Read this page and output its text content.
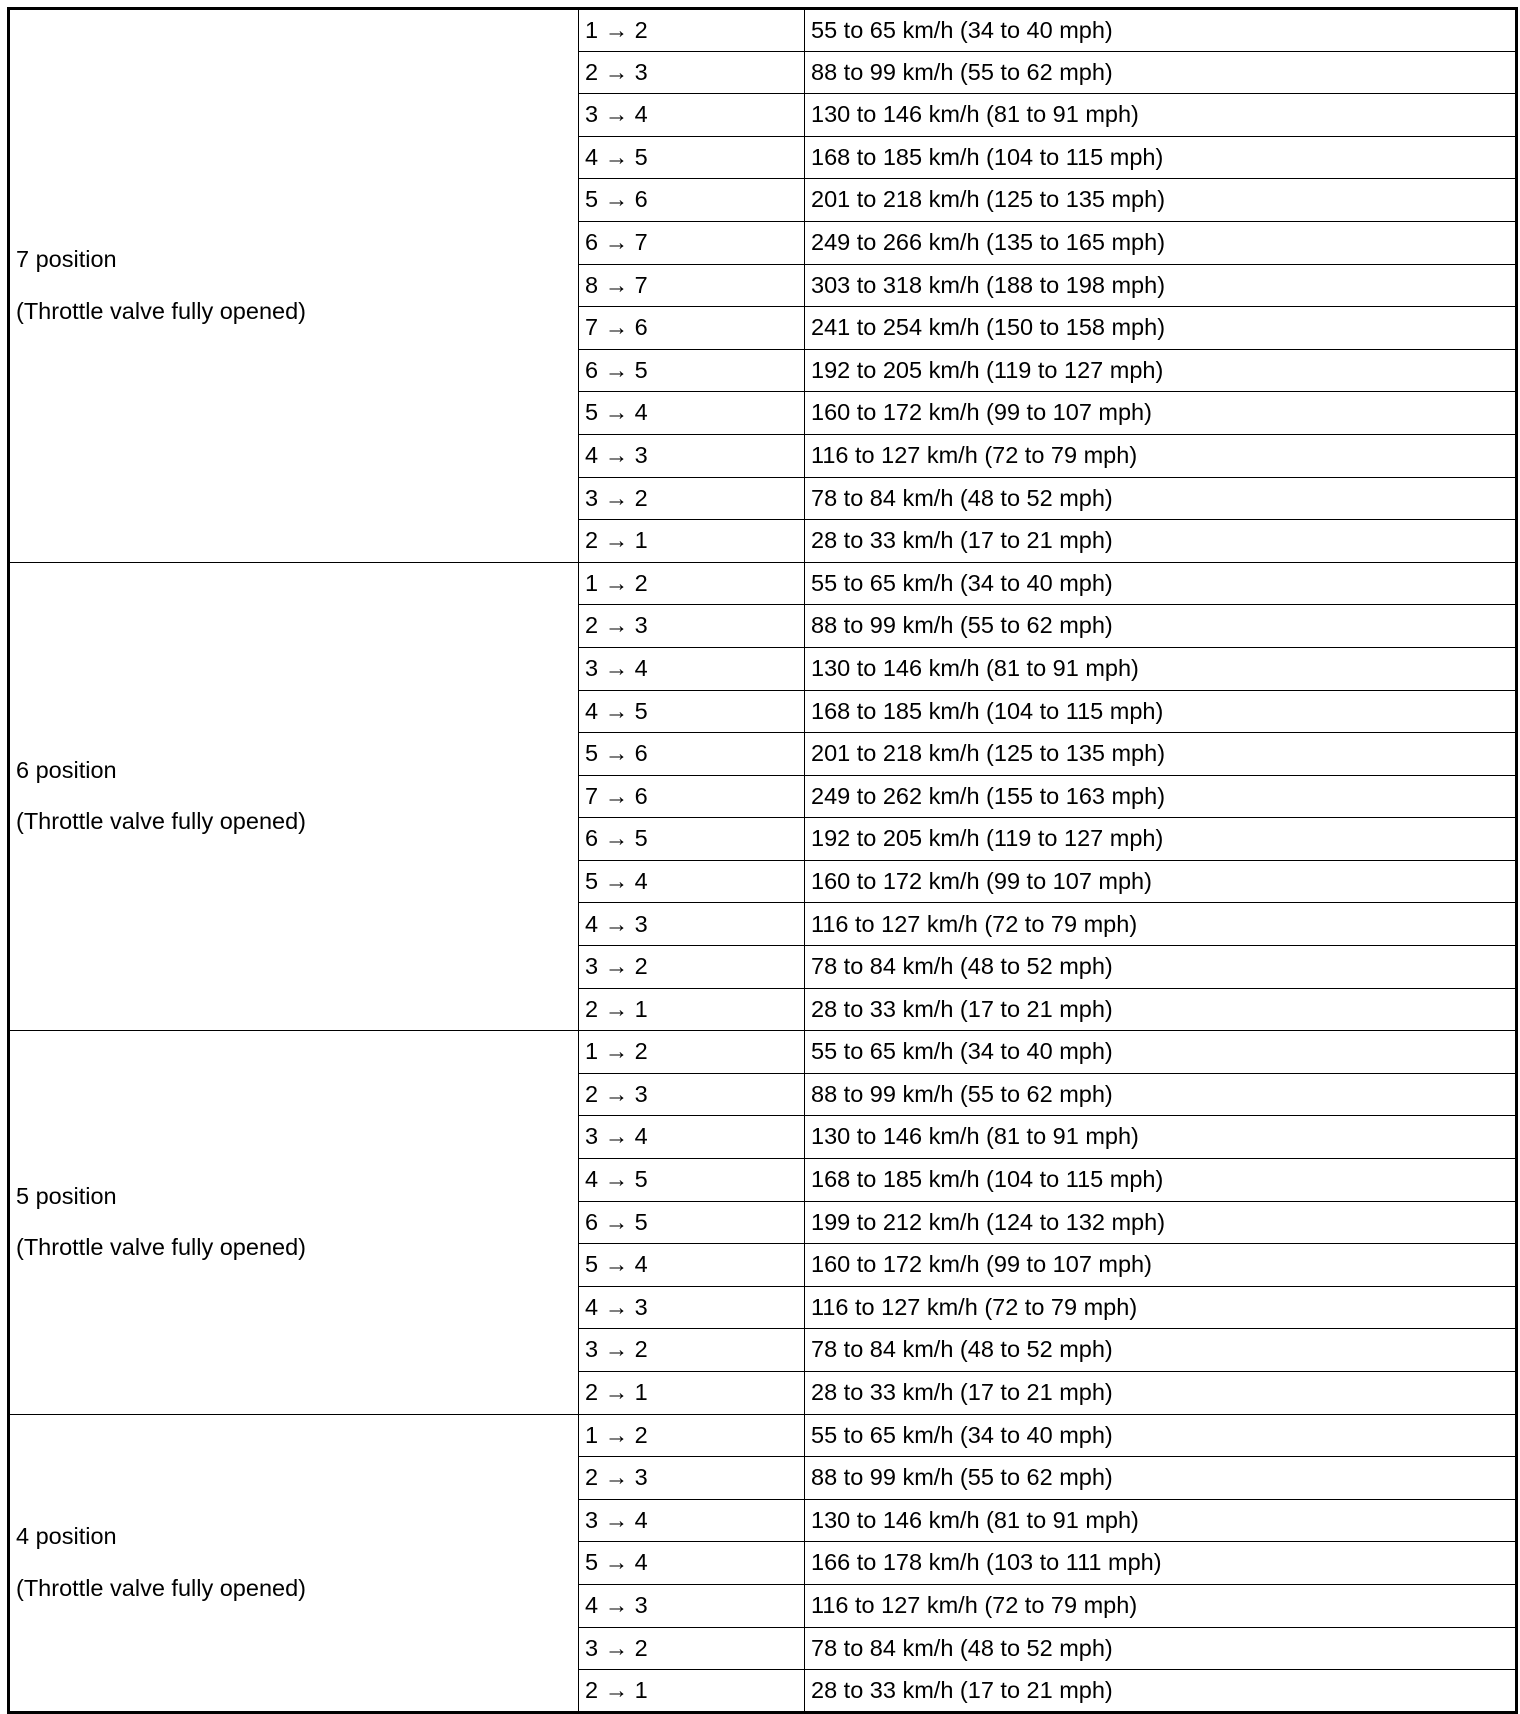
7 position
(Throttle valve fully opened)	1 → 2	55 to 65 km/h (34 to 40 mph)
	2 → 3	88 to 99 km/h (55 to 62 mph)
	3 → 4	130 to 146 km/h (81 to 91 mph)
	4 → 5	168 to 185 km/h (104 to 115 mph)
	5 → 6	201 to 218 km/h (125 to 135 mph)
	6 → 7	249 to 266 km/h (135 to 165 mph)
	8 → 7	303 to 318 km/h (188 to 198 mph)
	7 → 6	241 to 254 km/h (150 to 158 mph)
	6 → 5	192 to 205 km/h (119 to 127 mph)
	5 → 4	160 to 172 km/h (99 to 107 mph)
	4 → 3	116 to 127 km/h (72 to 79 mph)
	3 → 2	78 to 84 km/h (48 to 52 mph)
	2 → 1	28 to 33 km/h (17 to 21 mph)

6 position
(Throttle valve fully opened)	1 → 2	55 to 65 km/h (34 to 40 mph)
	2 → 3	88 to 99 km/h (55 to 62 mph)
	3 → 4	130 to 146 km/h (81 to 91 mph)
	4 → 5	168 to 185 km/h (104 to 115 mph)
	5 → 6	201 to 218 km/h (125 to 135 mph)
	7 → 6	249 to 262 km/h (155 to 163 mph)
	6 → 5	192 to 205 km/h (119 to 127 mph)
	5 → 4	160 to 172 km/h (99 to 107 mph)
	4 → 3	116 to 127 km/h (72 to 79 mph)
	3 → 2	78 to 84 km/h (48 to 52 mph)
	2 → 1	28 to 33 km/h (17 to 21 mph)

5 position
(Throttle valve fully opened)	1 → 2	55 to 65 km/h (34 to 40 mph)
	2 → 3	88 to 99 km/h (55 to 62 mph)
	3 → 4	130 to 146 km/h (81 to 91 mph)
	4 → 5	168 to 185 km/h (104 to 115 mph)
	6 → 5	199 to 212 km/h (124 to 132 mph)
	5 → 4	160 to 172 km/h (99 to 107 mph)
	4 → 3	116 to 127 km/h (72 to 79 mph)
	3 → 2	78 to 84 km/h (48 to 52 mph)
	2 → 1	28 to 33 km/h (17 to 21 mph)

4 position
(Throttle valve fully opened)	1 → 2	55 to 65 km/h (34 to 40 mph)
	2 → 3	88 to 99 km/h (55 to 62 mph)
	3 → 4	130 to 146 km/h (81 to 91 mph)
	5 → 4	166 to 178 km/h (103 to 111 mph)
	4 → 3	116 to 127 km/h (72 to 79 mph)
	3 → 2	78 to 84 km/h (48 to 52 mph)
	2 → 1	28 to 33 km/h (17 to 21 mph)
